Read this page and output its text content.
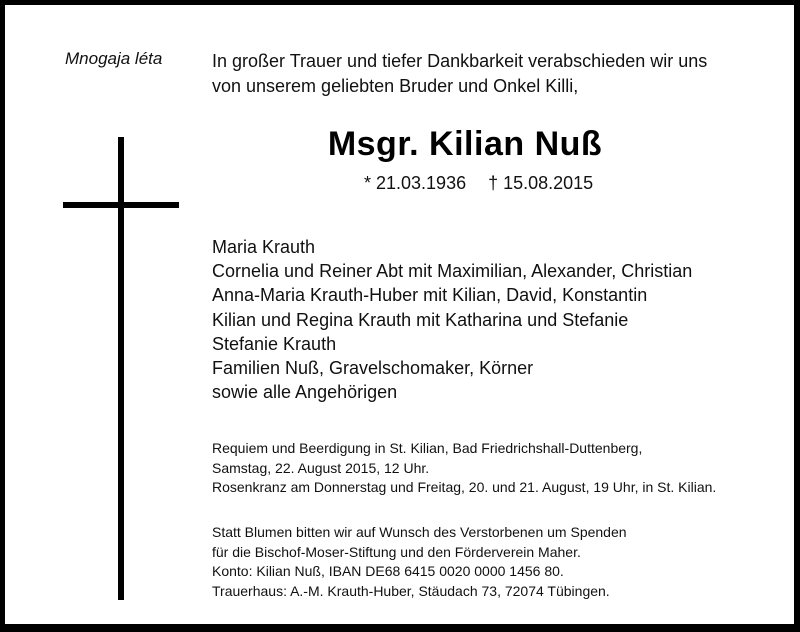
Mnogaja léta	In großer Trauer und tiefer Dankbarkeit verabschieden wir uns
von unserem geliebten Bruder und Onkel Killi,
Msgr. Kilian Nuß
* 21.03.1936 † 15.08.2015
Maria Krauth
Cornelia und Reiner Abt mit Maximilian, Alexander, Christian
Anna-Maria Krauth-Huber mit Kilian, David, Konstantin
Kilian und Regina Krauth mit Katharina und Stefanie
Stefanie Krauth
Familien Nuß, Gravelschomaker, Körner
sowie alle Angehörigen
Requiem und Beerdigung in St. Kilian, Bad Friedrichshall-Duttenberg,
Samstag, 22. August 2015, 12 Uhr.
Rosenkranz am Donnerstag und Freitag, 20. und 21. August, 19 Uhr, in St. Kilian.
Statt Blumen bitten wir auf Wunsch des Verstorbenen um Spenden
für die Bischof-Moser-Stiftung und den Förderverein Maher.
Konto: Kilian Nuß, IBAN DE68 6415 0020 0000 1456 80.
Trauerhaus: A.-M. Krauth-Huber, Stäudach 73, 72074 Tübingen.
